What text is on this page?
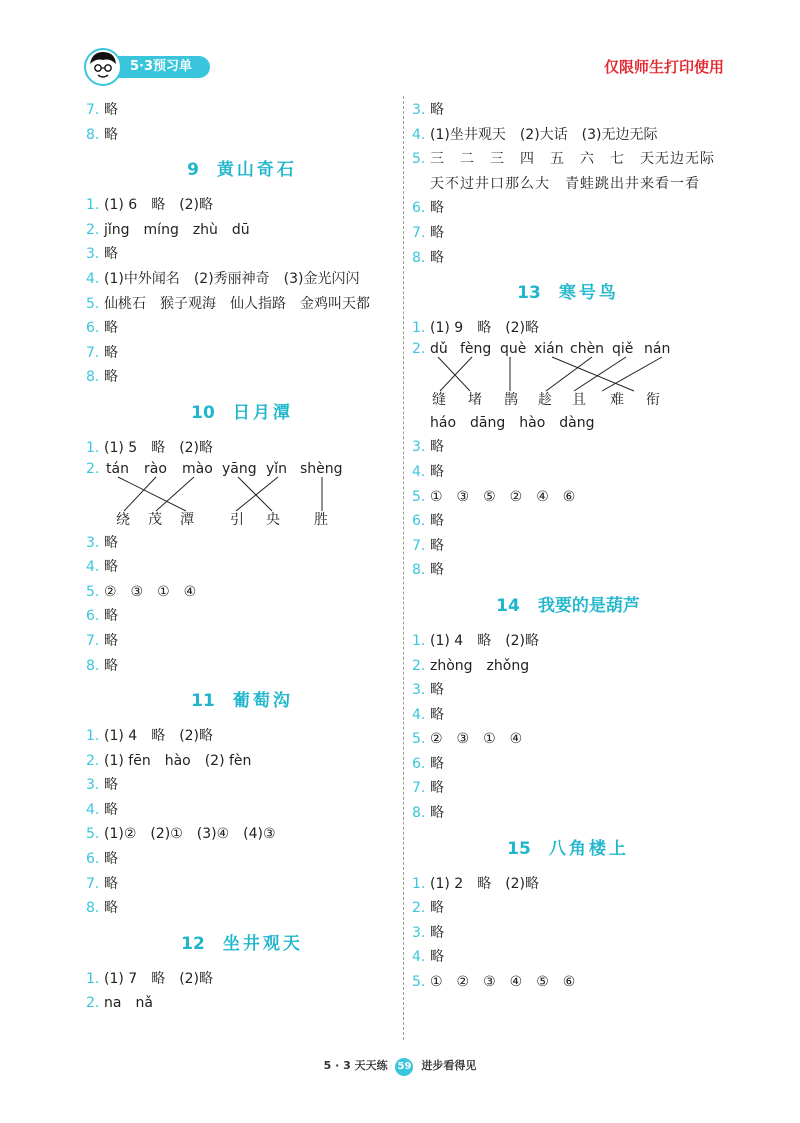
5·3预习单	仅限师生打印使用
7. 略
8. 略
9 黄山奇石
1. (1) 6　略　(2)略
2. jǐng　míng　zhù　dū
3. 略
4. (1)中外闻名　(2)秀丽神奇　(3)金光闪闪
5. 仙桃石　猴子观海　仙人指路　金鸡叫天都
6. 略
7. 略
8. 略
10 日月潭
1. (1) 5　略　(2)略
2. tán rào mào yāng yǐn shèng
绕 茂 潭	引 央 胜
3. 略
4. 略
5. ②　③　①　④
6. 略
7. 略
8. 略
11 葡萄沟
1. (1) 4　略　(2)略
2. (1) fēn　hào　(2) fèn
3. 略
4. 略
5. (1)②　(2)①　(3)④　(4)③
6. 略
7. 略
8. 略
12 坐井观天
1. (1) 7　略　(2)略
2. na　nǎ
3. 略
4. (1)坐井观天　(2)大话　(3)无边无际
5. 三　二　三　四　五　六　七　天无边无际　天不过井口那么大　青蛙跳出井来看一看
6. 略
7. 略
8. 略
13 寒号鸟
1. (1) 9　略　(2)略
2. dǔ fèng què xián chèn qiě nán
缝 堵 鹊 趁 且 难 衔
háo　dāng　hào　dàng
3. 略
4. 略
5. ①　③　⑤　②　④　⑥
6. 略
7. 略
8. 略
14 我要的是葫芦
1. (1) 4　略　(2)略
2. zhòng　zhǒng
3. 略
4. 略
5. ②　③　①　④
6. 略
7. 略
8. 略
15 八角楼上
1. (1) 2　略　(2)略
2. 略
3. 略
4. 略
5. ①　②　③　④　⑤　⑥
5 · 3 天天练 59 进步看得见
